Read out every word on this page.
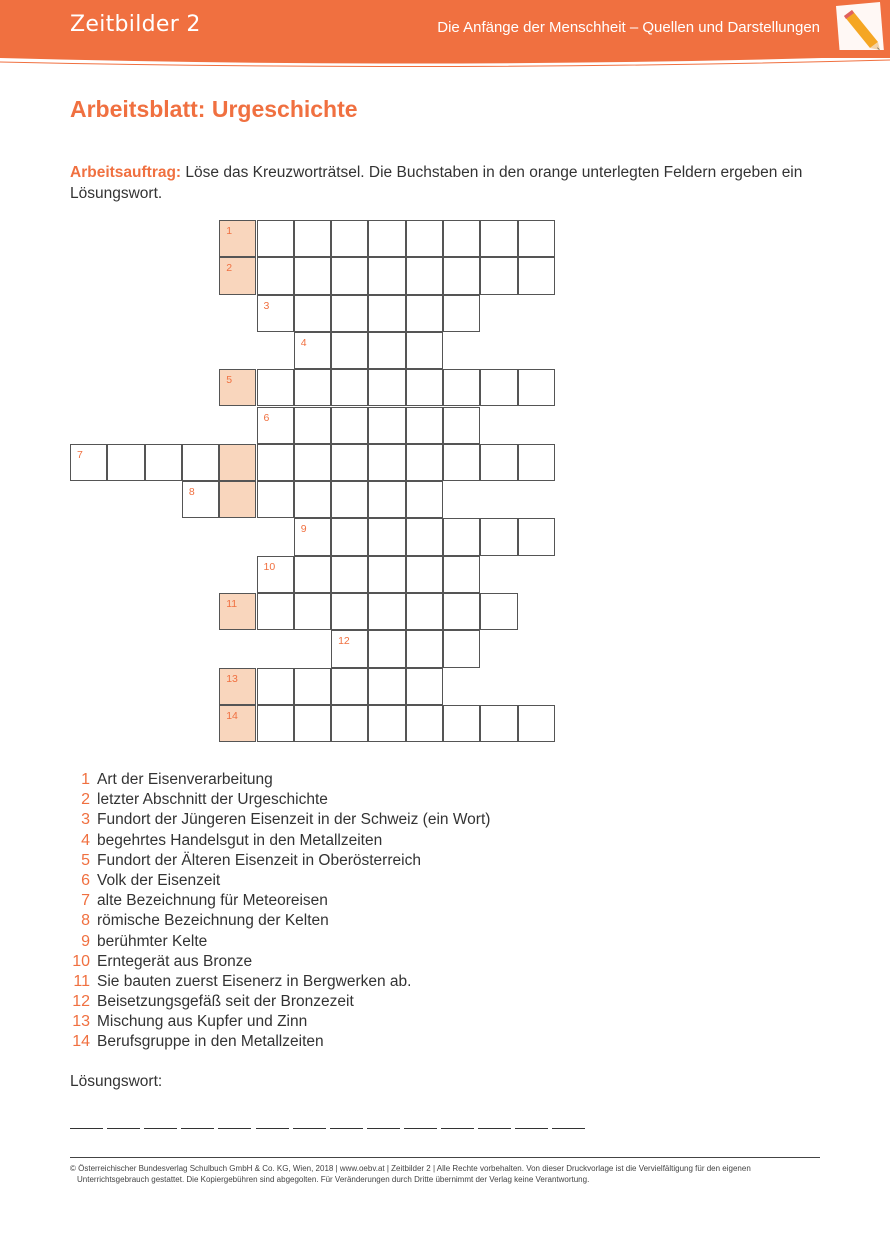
Zeitbilder 2	Die Anfänge der Menschheit – Quellen und Darstellungen
Arbeitsblatt: Urgeschichte
Arbeitsauftrag: Löse das Kreuzworträtsel. Die Buchstaben in den orange unterlegten Feldern ergeben ein Lösungswort.
1
2
3
4
5
6
7
8
9
10
11
12
13
14
1 Art der Eisenverarbeitung
2 letzter Abschnitt der Urgeschichte
3 Fundort der Jüngeren Eisenzeit in der Schweiz (ein Wort)
4 begehrtes Handelsgut in den Metallzeiten
5 Fundort der Älteren Eisenzeit in Oberösterreich
6 Volk der Eisenzeit
7 alte Bezeichnung für Meteoreisen
8 römische Bezeichnung der Kelten
9 berühmter Kelte
10 Erntegerät aus Bronze
11 Sie bauten zuerst Eisenerz in Bergwerken ab.
12 Beisetzungsgefäß seit der Bronzezeit
13 Mischung aus Kupfer und Zinn
14 Berufsgruppe in den Metallzeiten
Lösungswort:
© Österreichischer Bundesverlag Schulbuch GmbH & Co. KG, Wien, 2018 | www.oebv.at | Zeitbilder 2 | Alle Rechte vorbehalten. Von dieser Druckvorlage ist die Vervielfältigung für den eigenen
Unterrichtsgebrauch gestattet. Die Kopiergebühren sind abgegolten. Für Veränderungen durch Dritte übernimmt der Verlag keine Verantwortung.
